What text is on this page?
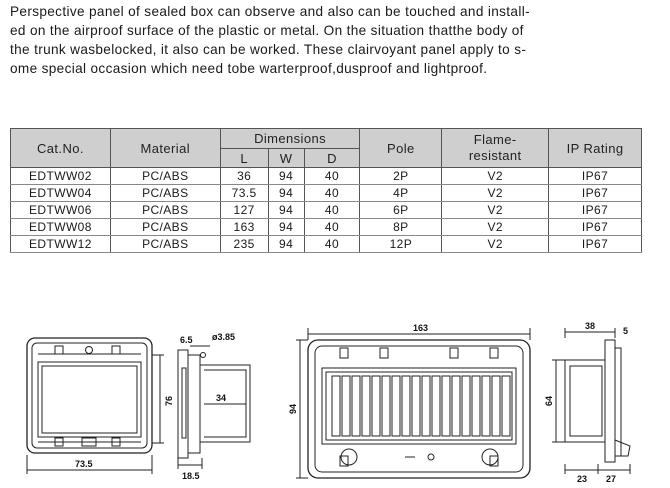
Perspective panel of sealed box can observe and also can be touched and install-

ed on the airproof surface of the plastic or metal. On the situation thatthe body of

the trunk wasbelocked, it also can be worked. These clairvoyant panel apply to s-

ome special occasion which need tobe warterproof,dusproof and lightproof.

Cat.No.	Material	Dimensions			Pole	Flame-resistant	IP Rating
		L	W	D			
EDTWW02	PC/ABS	36	94	40	2P	V2	IP67
EDTWW04	PC/ABS	73.5	94	40	4P	V2	IP67
EDTWW06	PC/ABS	127	94	40	6P	V2	IP67
EDTWW08	PC/ABS	163	94	40	8P	V2	IP67
EDTWW12	PC/ABS	235	94	40	12P	V2	IP67
73.5
76
6.5 ø3.85
34
18.5
163
94
38	5
64
23 27
